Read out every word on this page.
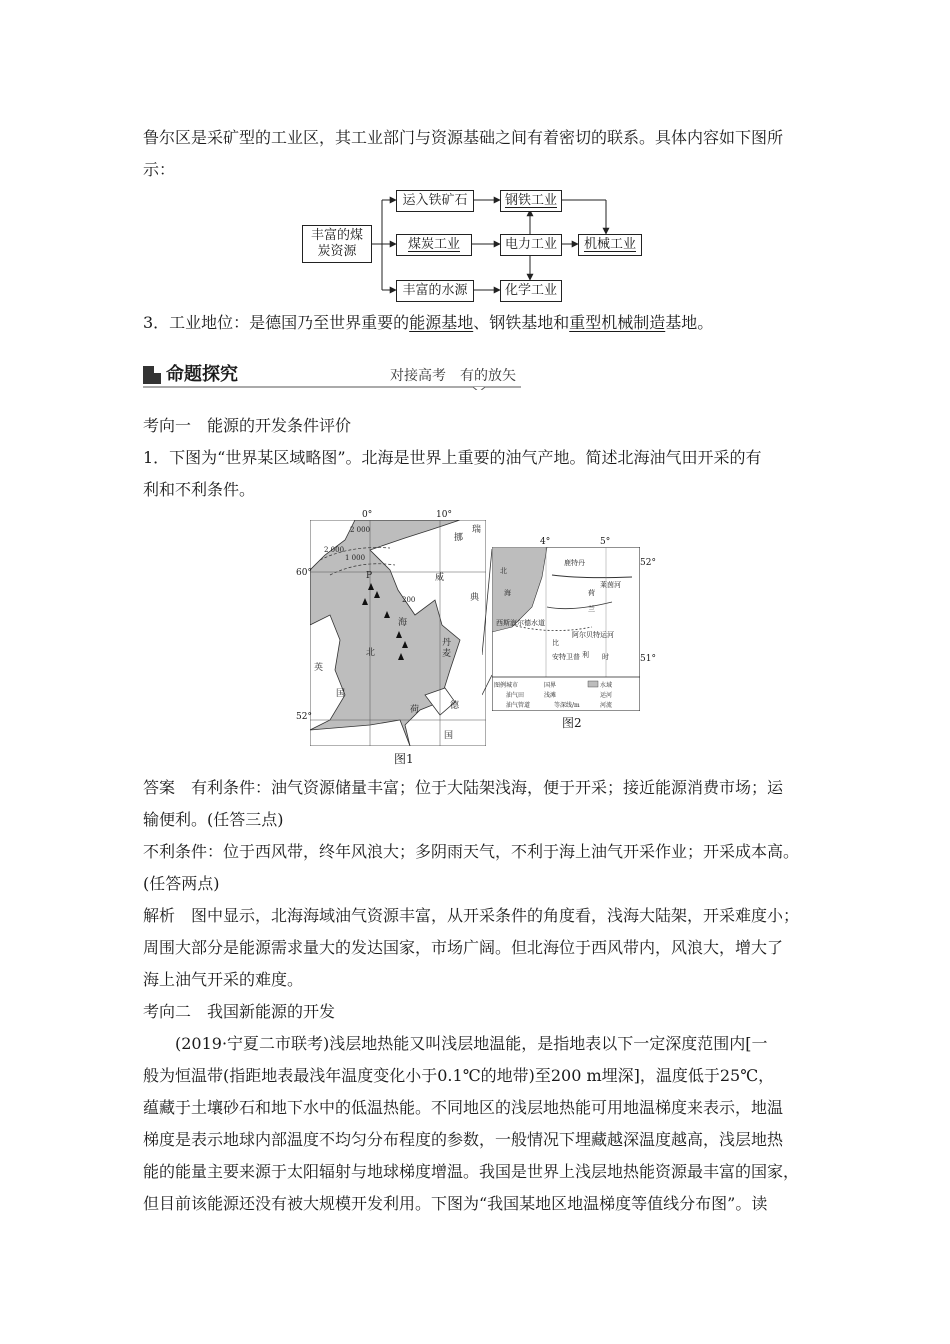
鲁尔区是采矿型的工业区，其工业部门与资源基础之间有着密切的联系。具体内容如下图所
示：
丰富的煤炭资源
运入铁矿石
煤炭工业
丰富的水源
钢铁工业
电力工业
化学工业
机械工业
3．工业地位：是德国乃至世界重要的能源基地、钢铁基地和重型机械制造基地。
命题探究	对接高考　有的放矢
考向一　能源的开发条件评价
1．下图为“世界某区域略图”。北海是世界上重要的油气产地。简述北海油气田开采的有
利和不利条件。
P
挪
威
瑞
典
海
北
英
国
丹
麦
德
国
荷
2 000
2 000
1 000
200
0°	10°
60°
52°
图1
北
海
鹿特丹
莱茵河
荷
兰
西斯海尔德水道
阿尔贝特运河
比
利 时
安特卫普
图例 城市	国界	水域
油气田	浅滩	运河
油气管道	等深线/m	河流
4°	5°
52°
51°
图2
答案　有利条件：油气资源储量丰富；位于大陆架浅海，便于开采；接近能源消费市场；运
输便利。(任答三点)
不利条件：位于西风带，终年风浪大；多阴雨天气，不利于海上油气开采作业；开采成本高。
(任答两点)
解析　图中显示，北海海域油气资源丰富，从开采条件的角度看，浅海大陆架，开采难度小；
周围大部分是能源需求量大的发达国家，市场广阔。但北海位于西风带内，风浪大，增大了
海上油气开采的难度。
考向二　我国新能源的开发
　　(2019·宁夏二市联考)浅层地热能又叫浅层地温能，是指地表以下一定深度范围内[一
般为恒温带(指距地表最浅年温度变化小于0.1℃的地带)至200 m埋深]，温度低于25℃，
蕴藏于土壤砂石和地下水中的低温热能。不同地区的浅层地热能可用地温梯度来表示，地温
梯度是表示地球内部温度不均匀分布程度的参数，一般情况下埋藏越深温度越高，浅层地热
能的能量主要来源于太阳辐射与地球梯度增温。我国是世界上浅层地热能资源最丰富的国家，
但目前该能源还没有被大规模开发利用。下图为“我国某地区地温梯度等值线分布图”。读
